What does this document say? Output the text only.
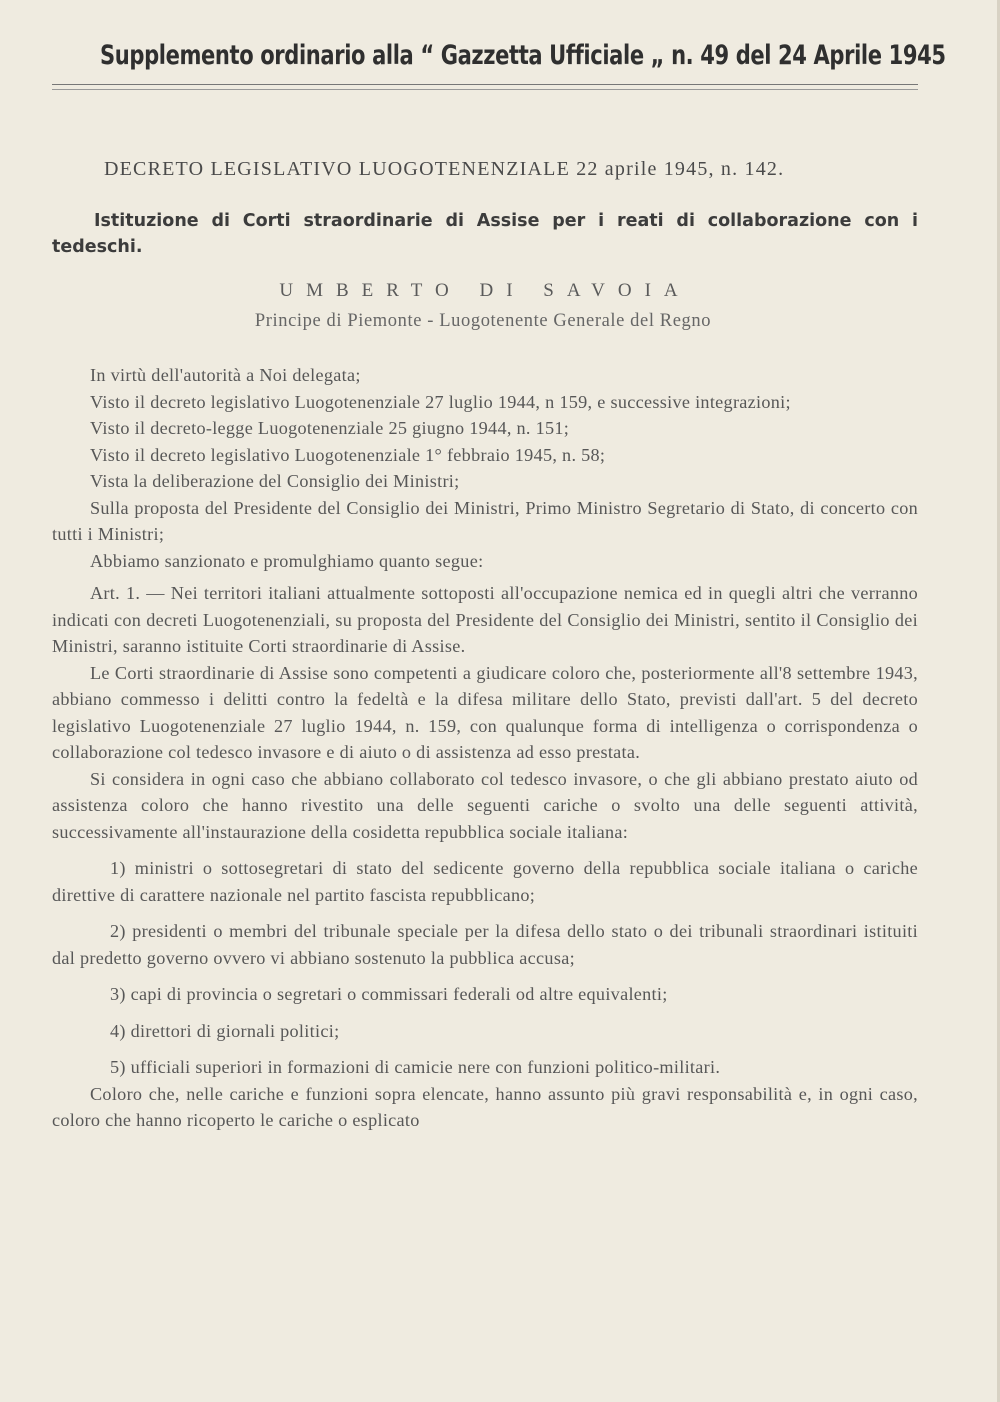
Supplemento ordinario alla “ Gazzetta Ufficiale „ n. 49 del 24 Aprile 1945
DECRETO LEGISLATIVO LUOGOTENENZIALE 22 aprile 1945, n. 142.
Istituzione di Corti straordinarie di Assise per i reati di collaborazione con i tedeschi.
UMBERTO DI SAVOIA
Principe di Piemonte - Luogotenente Generale del Regno

In virtù dell'autorità a Noi delegata;

Visto il decreto legislativo Luogotenenziale 27 luglio 1944, n 159, e successive integrazioni;

Visto il decreto-legge Luogotenenziale 25 giugno 1944, n. 151;

Visto il decreto legislativo Luogotenenziale 1° febbraio 1945, n. 58;

Vista la deliberazione del Consiglio dei Ministri;

Sulla proposta del Presidente del Consiglio dei Ministri, Primo Ministro Segretario di Stato, di concerto con tutti i Ministri;

Abbiamo sanzionato e promulghiamo quanto segue:

Art. 1. — Nei territori italiani attualmente sottoposti all'occupazione nemica ed in quegli altri che verranno indicati con decreti Luogotenenziali, su proposta del Presidente del Consiglio dei Ministri, sentito il Consiglio dei Ministri, saranno istituite Corti straordinarie di Assise.

Le Corti straordinarie di Assise sono competenti a giudicare coloro che, posteriormente all'8 settembre 1943, abbiano commesso i delitti contro la fedeltà e la difesa militare dello Stato, previsti dall'art. 5 del decreto legislativo Luogotenenziale 27 luglio 1944, n. 159, con qualunque forma di intelligenza o corrispondenza o collaborazione col tedesco invasore e di aiuto o di assistenza ad esso prestata.

Si considera in ogni caso che abbiano collaborato col tedesco invasore, o che gli abbiano prestato aiuto od assistenza coloro che hanno rivestito una delle seguenti cariche o svolto una delle seguenti attività, successivamente all'instaurazione della cosidetta repubblica sociale italiana:

1) ministri o sottosegretari di stato del sedicente governo della repubblica sociale italiana o cariche direttive di carattere nazionale nel partito fascista repubblicano;

2) presidenti o membri del tribunale speciale per la difesa dello stato o dei tribunali straordinari istituiti dal predetto governo ovvero vi abbiano sostenuto la pubblica accusa;

3) capi di provincia o segretari o commissari federali od altre equivalenti;

4) direttori di giornali politici;

5) ufficiali superiori in formazioni di camicie nere con funzioni politico-militari.

Coloro che, nelle cariche e funzioni sopra elencate, hanno assunto più gravi responsabilità e, in ogni caso, coloro che hanno ricoperto le cariche o esplicato
